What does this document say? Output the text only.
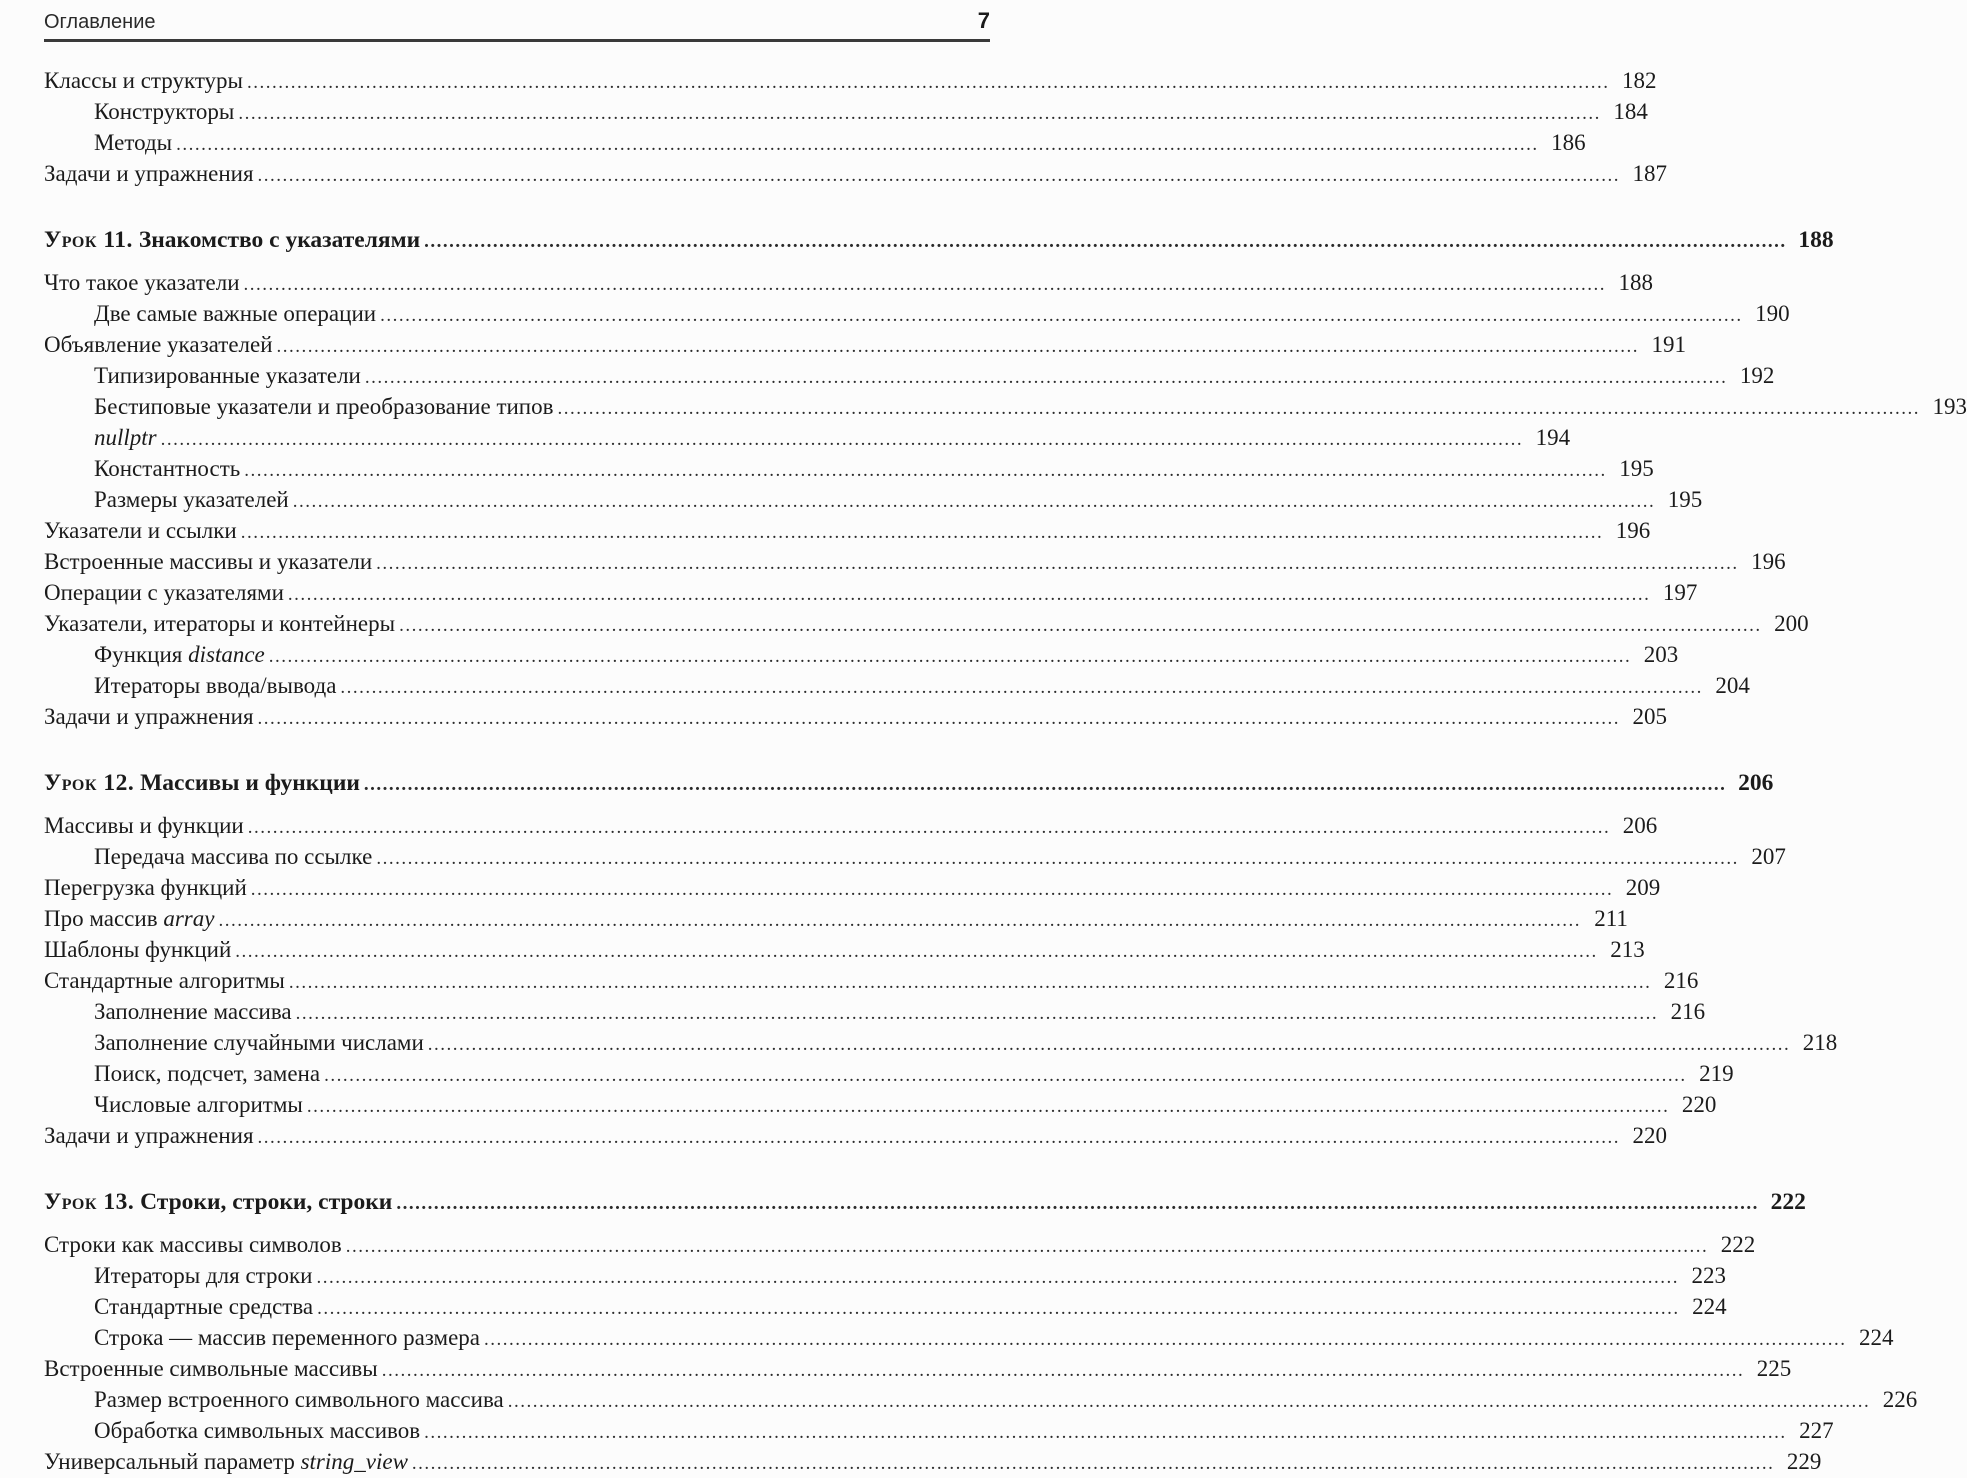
Оглавление	7
Классы и структуры .....	182
Конструкторы .....	184
Методы .....	186
Задачи и упражнения .....	187
Урок 11. Знакомство с указателями .....	188
Что такое указатели .....	188
Две самые важные операции .....	190
Объявление указателей .....	191
Типизированные указатели .....	192
Бестиповые указатели и преобразование типов .....	193
nullptr .....	194
Константность .....	195
Размеры указателей .....	195
Указатели и ссылки .....	196
Встроенные массивы и указатели .....	196
Операции с указателями .....	197
Указатели, итераторы и контейнеры .....	200
Функция distance .....	203
Итераторы ввода/вывода .....	204
Задачи и упражнения .....	205
Урок 12. Массивы и функции .....	206
Массивы и функции .....	206
Передача массива по ссылке .....	207
Перегрузка функций .....	209
Про массив array .....	211
Шаблоны функций .....	213
Стандартные алгоритмы .....	216
Заполнение массива .....	216
Заполнение случайными числами .....	218
Поиск, подсчет, замена .....	219
Числовые алгоритмы .....	220
Задачи и упражнения .....	220
Урок 13. Строки, строки, строки .....	222
Строки как массивы символов .....	222
Итераторы для строки .....	223
Стандартные средства .....	224
Строка — массив переменного размера .....	224
Встроенные символьные массивы .....	225
Размер встроенного символьного массива .....	226
Обработка символьных массивов .....	227
Универсальный параметр string_view .....	229
